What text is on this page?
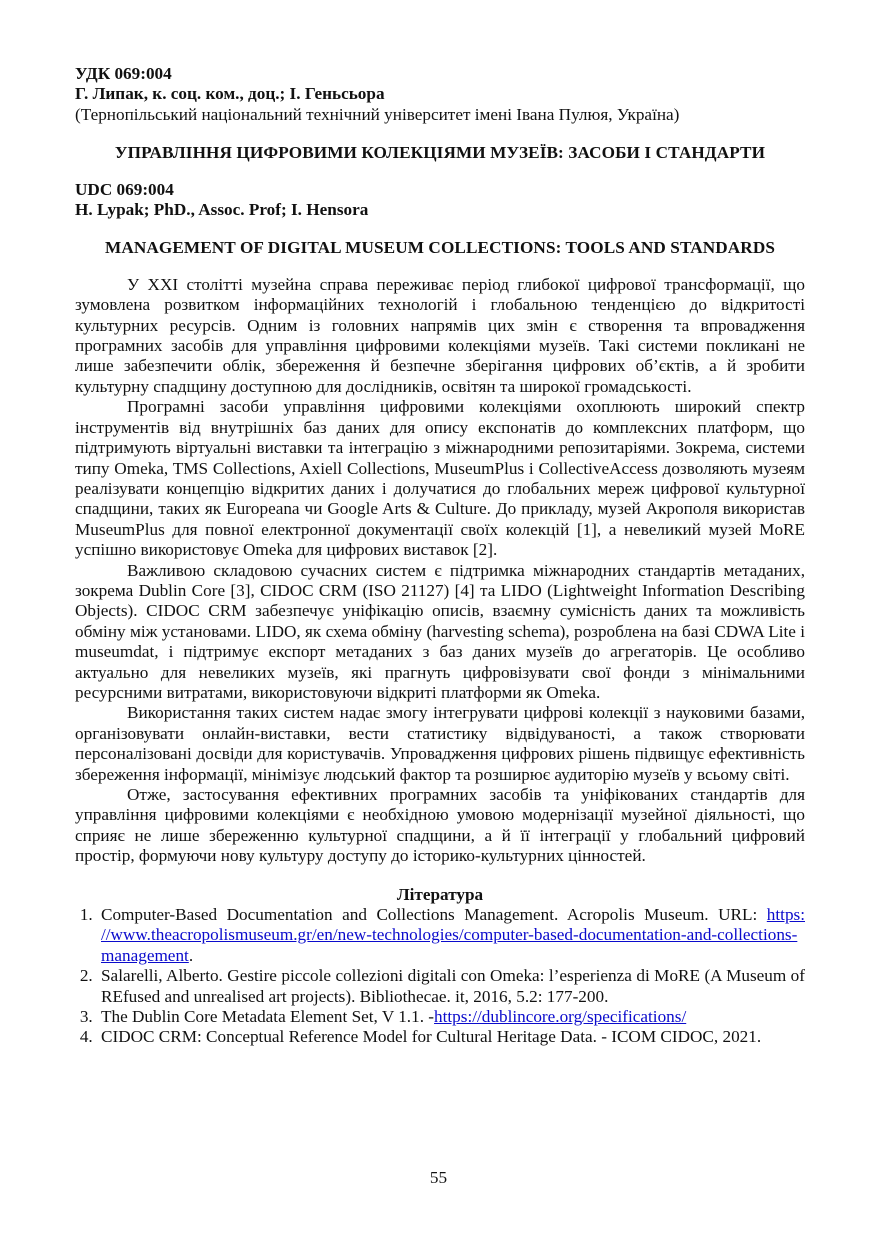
УДК 069:004
Г. Липак, к. соц. ком., доц.; І. Геньсьора
(Тернопільський національний технічний університет імені Івана Пулюя, Україна)
УПРАВЛІННЯ ЦИФРОВИМИ КОЛЕКЦІЯМИ МУЗЕЇВ: ЗАСОБИ І СТАНДАРТИ
UDC 069:004
H. Lypak; PhD., Assoc. Prof; I. Hensora
MANAGEMENT OF DIGITAL MUSEUM COLLECTIONS: TOOLS AND STANDARDS

У XXI столітті музейна справа переживає період глибокої цифрової трансформації, що зумовлена розвитком інформаційних технологій і глобальною тенденцією до відкритості культурних ресурсів. Одним із головних напрямів цих змін є створення та впровадження програмних засобів для управління цифровими колекціями музеїв. Такі системи покликані не лише забезпечити облік, збереження й безпечне зберігання цифрових об’єктів, а й зробити культурну спадщину доступною для дослідників, освітян та широкої громадськості.

Програмні засоби управління цифровими колекціями охоплюють широкий спектр інструментів від внутрішніх баз даних для опису експонатів до комплексних платформ, що підтримують віртуальні виставки та інтеграцію з міжнародними репозитаріями. Зокрема, системи типу Omeka, TMS Collections, Axiell Collections, MuseumPlus і CollectiveAccess дозволяють музеям реалізувати концепцію відкритих даних і долучатися до глобальних мереж цифрової культурної спадщини, таких як Europeana чи Google Arts & Culture. До прикладу, музей Акрополя використав MuseumPlus для повної електронної документації своїх колекцій [1], а невеликий музей MoRE успішно використовує Omeka для цифрових виставок [2].

Важливою складовою сучасних систем є підтримка міжнародних стандартів метаданих, зокрема Dublin Core [3], CIDOC CRM (ISO 21127) [4] та LIDO (Lightweight Information Describing Objects). CIDOC CRM забезпечує уніфікацію описів, взаємну сумісність даних та можливість обміну між установами. LIDO, як схема обміну (harvesting schema), розроблена на базі CDWA Lite і museumdat, і підтримує експорт метаданих з баз даних музеїв до агрегаторів. Це особливо актуально для невеликих музеїв, які прагнуть цифровізувати свої фонди з мінімальними ресурсними витратами, використовуючи відкриті платформи як Omeka.

Використання таких систем надає змогу інтегрувати цифрові колекції з науковими базами, організовувати онлайн-виставки, вести статистику відвідуваності, а також створювати персоналізовані досвіди для користувачів. Упровадження цифрових рішень підвищує ефективність збереження інформації, мінімізує людський фактор та розширює аудиторію музеїв у всьому світі.

Отже, застосування ефективних програмних засобів та уніфікованих стандартів для управління цифровими колекціями є необхідною умовою модернізації музейної діяльності, що сприяє не лише збереженню культурної спадщини, а й її інтеграції у глобальний цифровий простір, формуючи нову культуру доступу до історико-культурних цінностей.

Література
1. Computer-Based Documentation and Collections Management. Acropolis Museum. URL: https: //www.theacropolismuseum.gr/en/new-technologies/computer-based-documentation-and-collections-management.
2. Salarelli, Alberto. Gestire piccole collezioni digitali con Omeka: l’esperienza di MoRE (A Museum of REfused and unrealised art projects). Bibliothecae. it, 2016, 5.2: 177-200.
3. The Dublin Core Metadata Element Set, V 1.1. -https://dublincore.org/specifications/
4. CIDOC CRM: Conceptual Reference Model for Cultural Heritage Data. - ICOM CIDOC, 2021.
55
